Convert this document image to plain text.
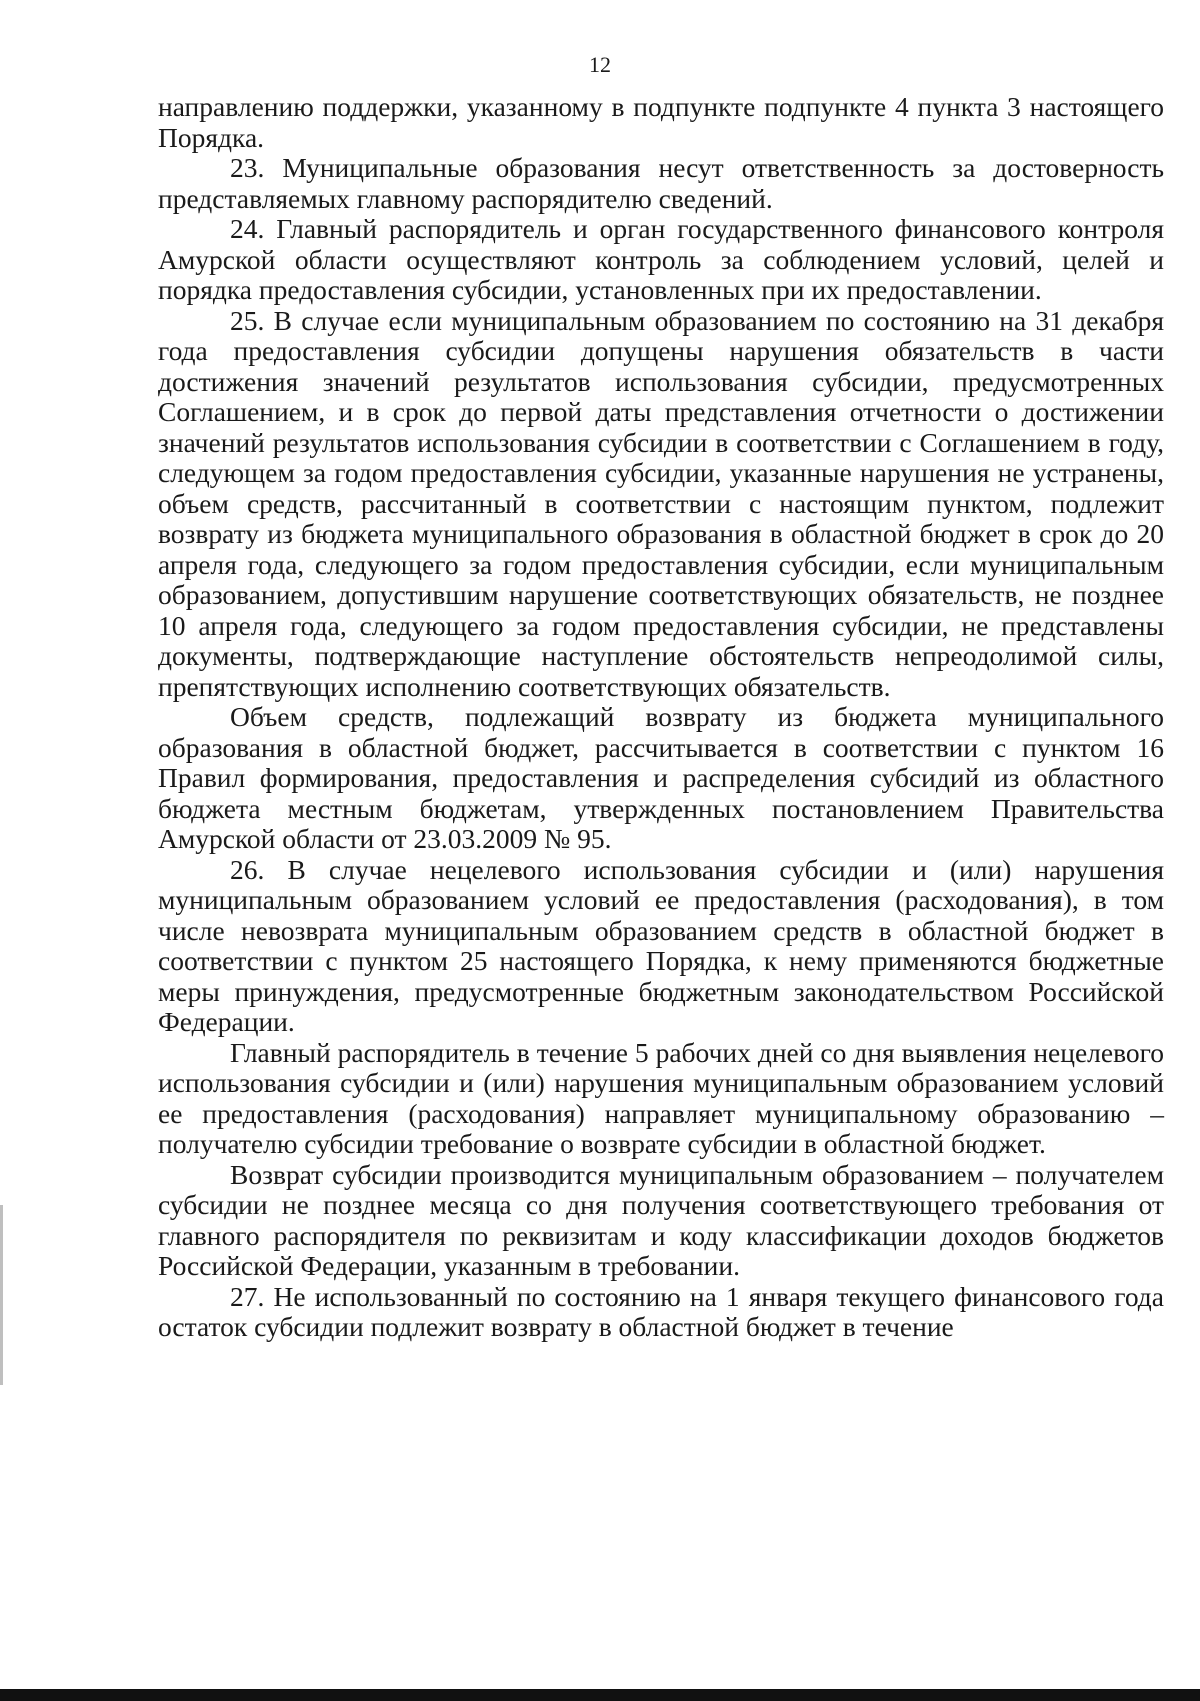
12

направлению поддержки, указанному в подпункте подпункте 4 пункта 3 настоящего Порядка.

23. Муниципальные образования несут ответственность за достоверность представляемых главному распорядителю сведений.

24. Главный распорядитель и орган государственного финансового контроля Амурской области осуществляют контроль за соблюдением условий, целей и порядка предоставления субсидии, установленных при их предоставлении.

25. В случае если муниципальным образованием по состоянию на 31 декабря года предоставления субсидии допущены нарушения обязательств в части достижения значений результатов использования субсидии, предусмотренных Соглашением, и в срок до первой даты представления отчетности о достижении значений результатов использования субсидии в соответствии с Соглашением в году, следующем за годом предоставления субсидии, указанные нарушения не устранены, объем средств, рассчитанный в соответствии с настоящим пунктом, подлежит возврату из бюджета муниципального образования в областной бюджет в срок до 20 апреля года, следующего за годом предоставления субсидии, если муниципальным образованием, допустившим нарушение соответствующих обязательств, не позднее 10 апреля года, следующего за годом предоставления субсидии, не представлены документы, подтверждающие наступление обстоятельств непреодолимой силы, препятствующих исполнению соответствующих обязательств.

Объем средств, подлежащий возврату из бюджета муниципального образования в областной бюджет, рассчитывается в соответствии с пунктом 16 Правил формирования, предоставления и распределения субсидий из областного бюджета местным бюджетам, утвержденных постановлением Правительства Амурской области от 23.03.2009 № 95.

26. В случае нецелевого использования субсидии и (или) нарушения муниципальным образованием условий ее предоставления (расходования), в том числе невозврата муниципальным образованием средств в областной бюджет в соответствии с пунктом 25 настоящего Порядка, к нему применяются бюджетные меры принуждения, предусмотренные бюджетным законодательством Российской Федерации.

Главный распорядитель в течение 5 рабочих дней со дня выявления нецелевого использования субсидии и (или) нарушения муниципальным образованием условий ее предоставления (расходования) направляет муниципальному образованию – получателю субсидии требование о возврате субсидии в областной бюджет.

Возврат субсидии производится муниципальным образованием – получателем субсидии не позднее месяца со дня получения соответствующего требования от главного распорядителя по реквизитам и коду классификации доходов бюджетов Российской Федерации, указанным в требовании.

27. Не использованный по состоянию на 1 января текущего финансового года остаток субсидии подлежит возврату в областной бюджет в течение
